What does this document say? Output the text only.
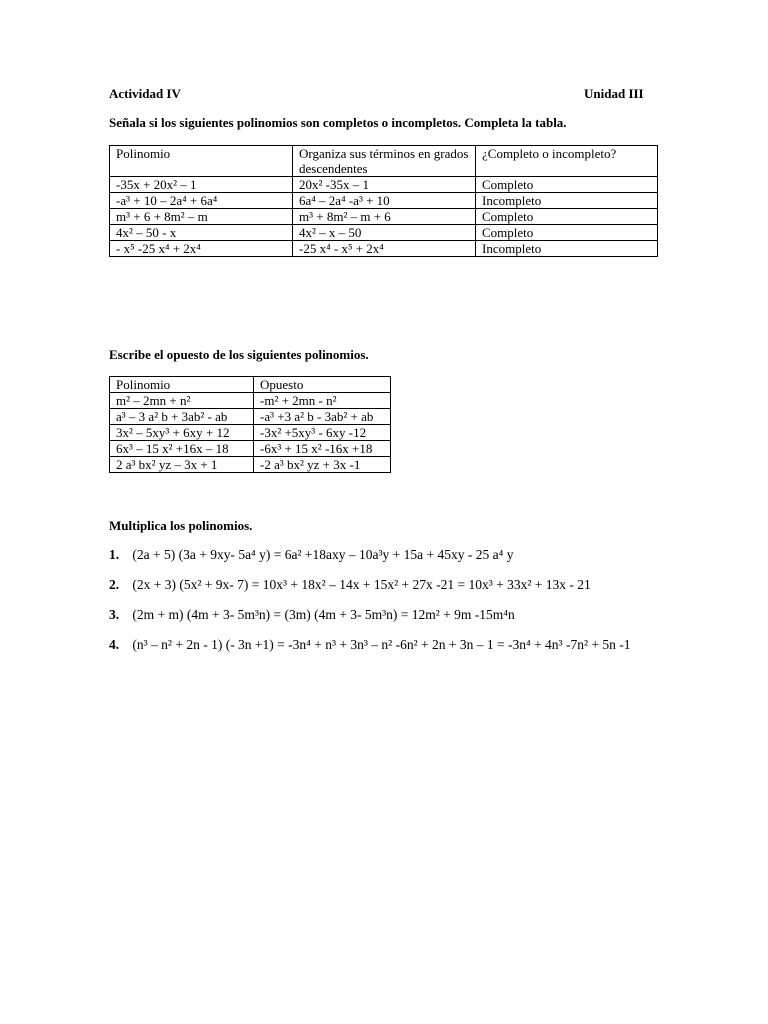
Actividad IV	Unidad III
Señala si los siguientes polinomios son completos o incompletos. Completa la tabla.
Polinomio	Organiza sus términos en grados descendentes	¿Completo o incompleto?
-35x + 20x² – 1	20x² -35x – 1	Completo
-a³ + 10 – 2a⁴ + 6a⁴	6a⁴ – 2a⁴ -a³ + 10	Incompleto
m³ + 6 + 8m² – m	m³ + 8m² – m + 6	Completo
4x² – 50 - x	4x² – x – 50	Completo
- x⁵ -25 x⁴ + 2x⁴	-25 x⁴ - x⁵ + 2x⁴	Incompleto
Escribe el opuesto de los siguientes polinomios.
Polinomio	Opuesto
m² – 2mn + n²	-m² + 2mn - n²
a³ – 3 a² b + 3ab² - ab	-a³ +3 a² b - 3ab² + ab
3x² – 5xy³ + 6xy + 12	-3x² +5xy³ - 6xy -12
6x³ – 15 x² +16x – 18	-6x³ + 15 x² -16x +18
2 a³ bx² yz – 3x + 1	-2 a³ bx² yz + 3x -1
Multiplica los polinomios.
1. (2a + 5) (3a + 9xy- 5a⁴ y) = 6a² +18axy – 10a³y + 15a + 45xy - 25 a⁴ y
2. (2x + 3) (5x² + 9x- 7) = 10x³ + 18x² – 14x + 15x² + 27x -21 = 10x³ + 33x² + 13x - 21
3. (2m + m) (4m + 3- 5m³n) = (3m) (4m + 3- 5m³n) = 12m² + 9m -15m⁴n
4. (n³ – n² + 2n - 1) (- 3n +1) = -3n⁴ + n³ + 3n³ – n² -6n² + 2n + 3n – 1 = -3n⁴ + 4n³ -7n² + 5n -1
